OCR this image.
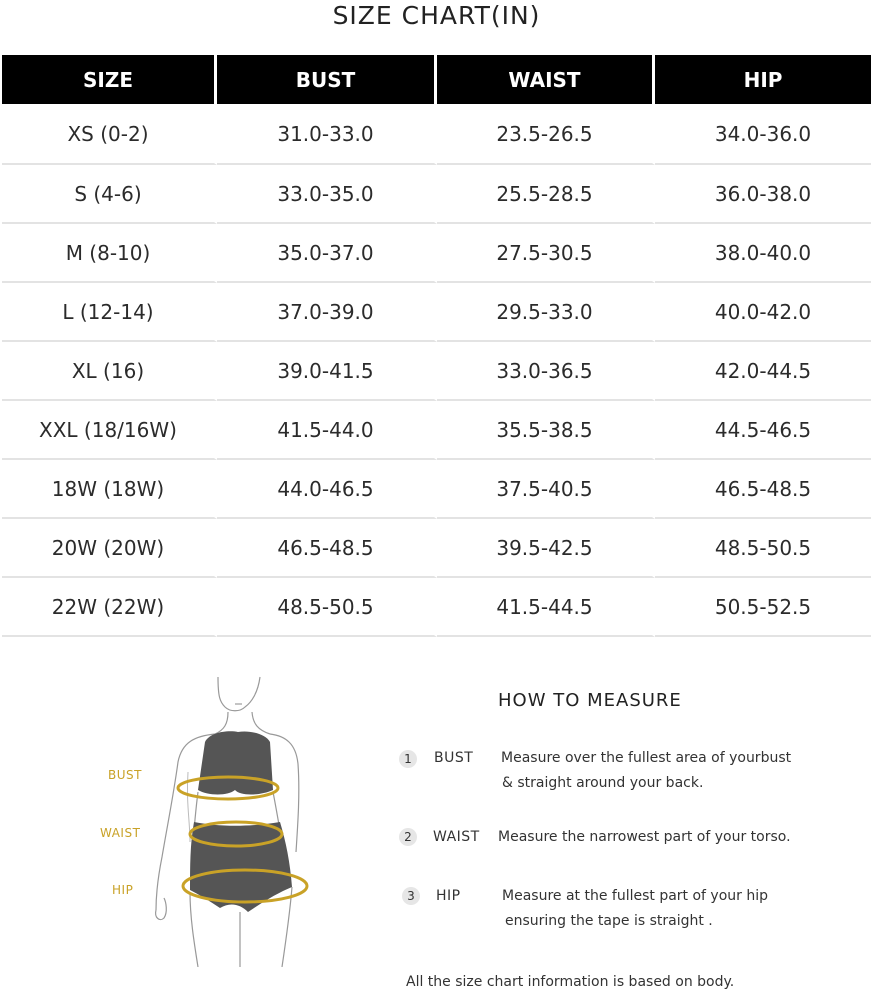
SIZE CHART(IN)
SIZE	BUST	WAIST	HIP
XS (0-2)	31.0-33.0	23.5-26.5	34.0-36.0
S (4-6)	33.0-35.0	25.5-28.5	36.0-38.0
M (8-10)	35.0-37.0	27.5-30.5	38.0-40.0
L (12-14)	37.0-39.0	29.5-33.0	40.0-42.0
XL (16)	39.0-41.5	33.0-36.5	42.0-44.5
XXL (18/16W)	41.5-44.0	35.5-38.5	44.5-46.5
18W (18W)	44.0-46.5	37.5-40.5	46.5-48.5
20W (20W)	46.5-48.5	39.5-42.5	48.5-50.5
22W (22W)	48.5-50.5	41.5-44.5	50.5-52.5
BUST
WAIST
HIP
HOW TO MEASURE
1	BUST Measure over the fullest area of yourbust
& straight around your back.
2	WAIST Measure the narrowest part of your torso.
3	HIP	Measure at the fullest part of your hip
ensuring the tape is straight .
All the size chart information is based on body.
